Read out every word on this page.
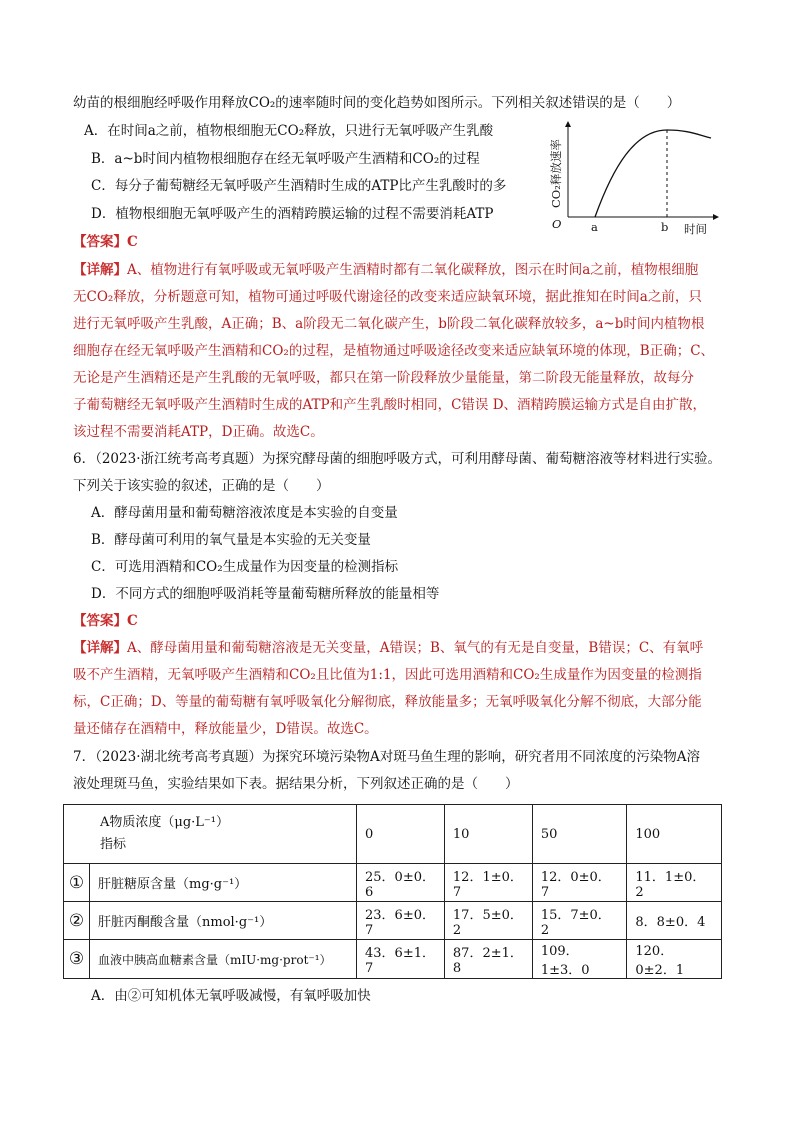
幼苗的根细胞经呼吸作用释放CO₂的速率随时间的变化趋势如图所示。下列相关叙述错误的是（　　）
A．在时间a之前，植物根细胞无CO₂释放，只进行无氧呼吸产生乳酸
B．a~b时间内植物根细胞存在经无氧呼吸产生酒精和CO₂的过程
C．每分子葡萄糖经无氧呼吸产生酒精时生成的ATP比产生乳酸时的多
D．植物根细胞无氧呼吸产生的酒精跨膜运输的过程不需要消耗ATP
O	a	b 时间
CO₂释放速率
【答案】C
【详解】A、植物进行有氧呼吸或无氧呼吸产生酒精时都有二氧化碳释放，图示在时间a之前，植物根细胞
无CO₂释放，分析题意可知，植物可通过呼吸代谢途径的改变来适应缺氧环境，据此推知在时间a之前，只
进行无氧呼吸产生乳酸，A正确；B、a阶段无二氧化碳产生，b阶段二氧化碳释放较多，a~b时间内植物根
细胞存在经无氧呼吸产生酒精和CO₂的过程，是植物通过呼吸途径改变来适应缺氧环境的体现，B正确；C、
无论是产生酒精还是产生乳酸的无氧呼吸，都只在第一阶段释放少量能量，第二阶段无能量释放，故每分
子葡萄糖经无氧呼吸产生酒精时生成的ATP和产生乳酸时相同，C错误 D、酒精跨膜运输方式是自由扩散，
该过程不需要消耗ATP，D正确。故选C。
6．（2023·浙江统考高考真题）为探究酵母菌的细胞呼吸方式，可利用酵母菌、葡萄糖溶液等材料进行实验。
下列关于该实验的叙述，正确的是（　　）
A．酵母菌用量和葡萄糖溶液浓度是本实验的自变量
B．酵母菌可利用的氧气量是本实验的无关变量
C．可选用酒精和CO₂生成量作为因变量的检测指标
D．不同方式的细胞呼吸消耗等量葡萄糖所释放的能量相等
【答案】C
【详解】A、酵母菌用量和葡萄糖溶液是无关变量，A错误；B、氧气的有无是自变量，B错误；C、有氧呼
吸不产生酒精，无氧呼吸产生酒精和CO₂且比值为1:1，因此可选用酒精和CO₂生成量作为因变量的检测指
标，C正确；D、等量的葡萄糖有氧呼吸氧化分解彻底，释放能量多；无氧呼吸氧化分解不彻底，大部分能
量还储存在酒精中，释放能量少，D错误。故选C。
7．（2023·湖北统考高考真题）为探究环境污染物A对斑马鱼生理的影响，研究者用不同浓度的污染物A溶
液处理斑马鱼，实验结果如下表。据结果分析，下列叙述正确的是（　　）
A物质浓度（μg·L⁻¹）
指标		0	10	50	100
①	肝脏糖原含量（mg·g⁻¹）	25．0±0．6	12．1±0．7	12．0±0．7	11．1±0．2
②	肝脏丙酮酸含量（nmol·g⁻¹）	23．6±0．7	17．5±0．2	15．7±0．2	8．8±0．4
③	血液中胰高血糖素含量（mIU·mg·prot⁻¹）	43．6±1．7	87．2±1．8	109．1±3．0	120．0±2．1
A．由②可知机体无氧呼吸减慢，有氧呼吸加快
